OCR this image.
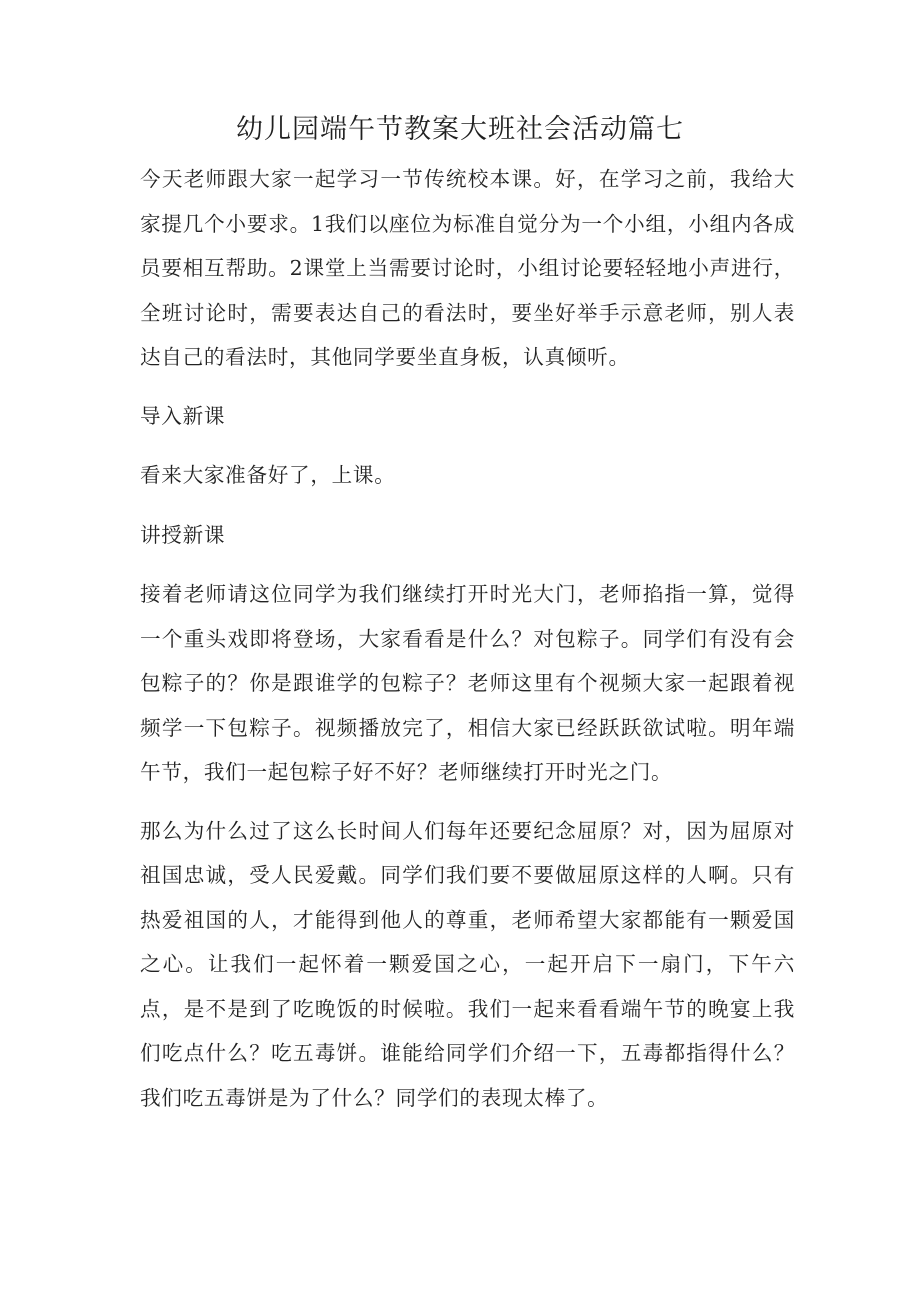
幼儿园端午节教案大班社会活动篇七

今天老师跟大家一起学习一节传统校本课。好，在学习之前，我给大家提几个小要求。1我们以座位为标准自觉分为一个小组，小组内各成员要相互帮助。2课堂上当需要讨论时，小组讨论要轻轻地小声进行，全班讨论时，需要表达自己的看法时，要坐好举手示意老师，别人表达自己的看法时，其他同学要坐直身板，认真倾听。

导入新课

看来大家准备好了，上课。

讲授新课

接着老师请这位同学为我们继续打开时光大门，老师掐指一算，觉得一个重头戏即将登场，大家看看是什么？对包粽子。同学们有没有会包粽子的？你是跟谁学的包粽子？老师这里有个视频大家一起跟着视频学一下包粽子。视频播放完了，相信大家已经跃跃欲试啦。明年端午节，我们一起包粽子好不好？老师继续打开时光之门。

那么为什么过了这么长时间人们每年还要纪念屈原？对，因为屈原对祖国忠诚，受人民爱戴。同学们我们要不要做屈原这样的人啊。只有热爱祖国的人，才能得到他人的尊重，老师希望大家都能有一颗爱国之心。让我们一起怀着一颗爱国之心，一起开启下一扇门，下午六点，是不是到了吃晚饭的时候啦。我们一起来看看端午节的晚宴上我们吃点什么？吃五毒饼。谁能给同学们介绍一下，五毒都指得什么？我们吃五毒饼是为了什么？同学们的表现太棒了。
